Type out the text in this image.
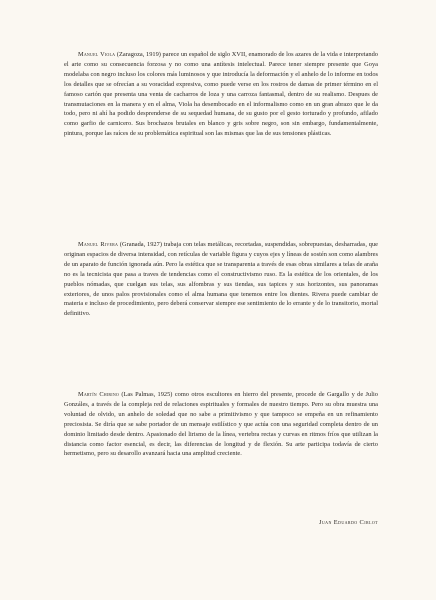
Manuel Viola (Zaragoza, 1919) parece un español de siglo XVII, enamorado de los azares de la vida e interpretando el arte como su consecuencia forzosa y no como una antítesis intelectual. Parece tener siempre presente que Goya modelaba con negro incluso los colores más luminosos y que introducía la deformación y el anhelo de lo informe en todos los detalles que se ofrecían a su voracidad expresiva, como puede verse en los rostros de damas de primer término en el famoso cartón que presenta una venta de cacharros de loza y una carroza fantasmal, dentro de su realismo. Despues de transmutaciones en la manera y en el alma, Viola ha desembocado en el informalismo como en un gran abrazo que le da todo, pero ni ahí ha podido desprenderse de su sequedad humana, de su gusto por el gesto torturado y profundo, afilado como garfio de carnicero. Sus brochazos brutales en blanco y gris sobre negro, son sin embargo, fundamentalmente, pintura, porque las raíces de su problemática espiritual son las mismas que las de sus tensiones plásticas.

Manuel Rivera (Granada, 1927) trabaja con telas metálicas, recortadas, suspendidas, sobrepuestas, desharradas, que originan espacios de diversa intensidad, con retículas de variable figura y cuyos ejes y líneas de sostén son como alambres de un aparato de función ignorada aún. Pero la estética que se transparenta a través de esas obras similares a telas de araña no es la tecnicista que pasa a traves de tendencias como el constructivismo ruso. Es la estética de los orientales, de los pueblos nómadas, que cuelgan sus telas, sus alfombras y sus tiendas, sus tapices y sus horizontes, sus panoramas exteriores, de unos palos provisionales como el alma humana que tenemos entre los dientes. Rivera puede cambiar de materia e incluso de procedimiento, pero deberá conservar siempre ese sentimiento de lo errante y de lo transitorio, mortal definitivo.

Martín Chirino (Las Palmas, 1925) como otros escultores en hierro del presente, procede de Gargallo y de Julio Gonzáles, a través de la compleja red de relaciones espirituales y formales de nuestro tiempo. Pero su obra muestra una voluntad de olvido, un anhelo de soledad que no sabe a primitivismo y que tampoco se empeña en un refinamiento preciosista. Se diría que se sabe portador de un mensaje estilístico y que actúa con una seguridad completa dentro de un dominio limitado desde dentro. Apasionado del lirismo de la línea, vertebra rectas y curvas en ritmos fríos que utilizan la distancia como factor esencial, es decir, las diferencias de longitud y de flexión. Su arte participa todavía de cierto hermetismo, pero su desarollo avanzará hacia una amplitud creciente.

Juan Eduardo Cirlot
